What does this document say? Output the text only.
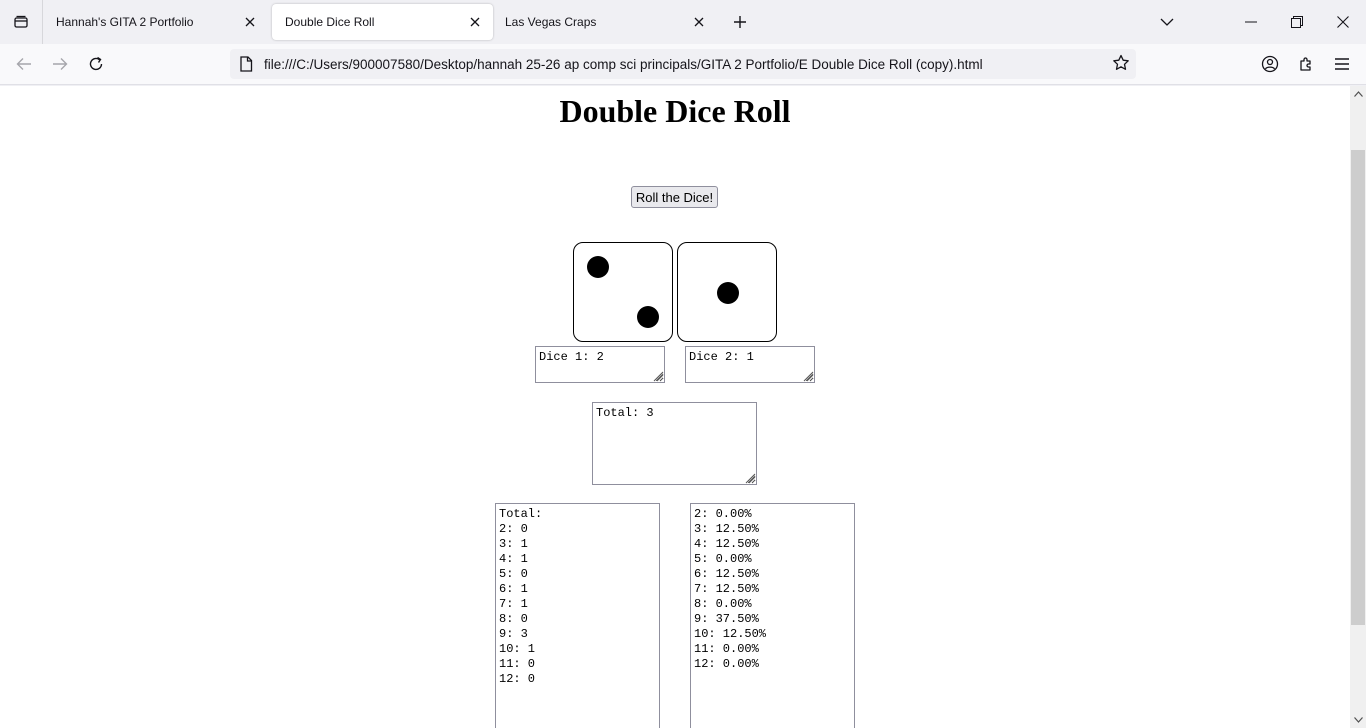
Hannah's GITA 2 Portfolio	Double Dice Roll	Las Vegas Craps
file:///C:/Users/900007580/Desktop/hannah 25-26 ap comp sci principals/GITA 2 Portfolio/E Double Dice Roll (copy).html
Double Dice Roll
Roll the Dice!
Dice 1: 2
Dice 2: 1
Total: 3
Total: 2: 0 3: 1 4: 1 5: 0 6: 1 7: 1 8: 0 9: 3 10: 1 11: 0 12: 0
2: 0.00% 3: 12.50% 4: 12.50% 5: 0.00% 6: 12.50% 7: 12.50% 8: 0.00% 9: 37.50% 10: 12.50% 11: 0.00% 12: 0.00%
